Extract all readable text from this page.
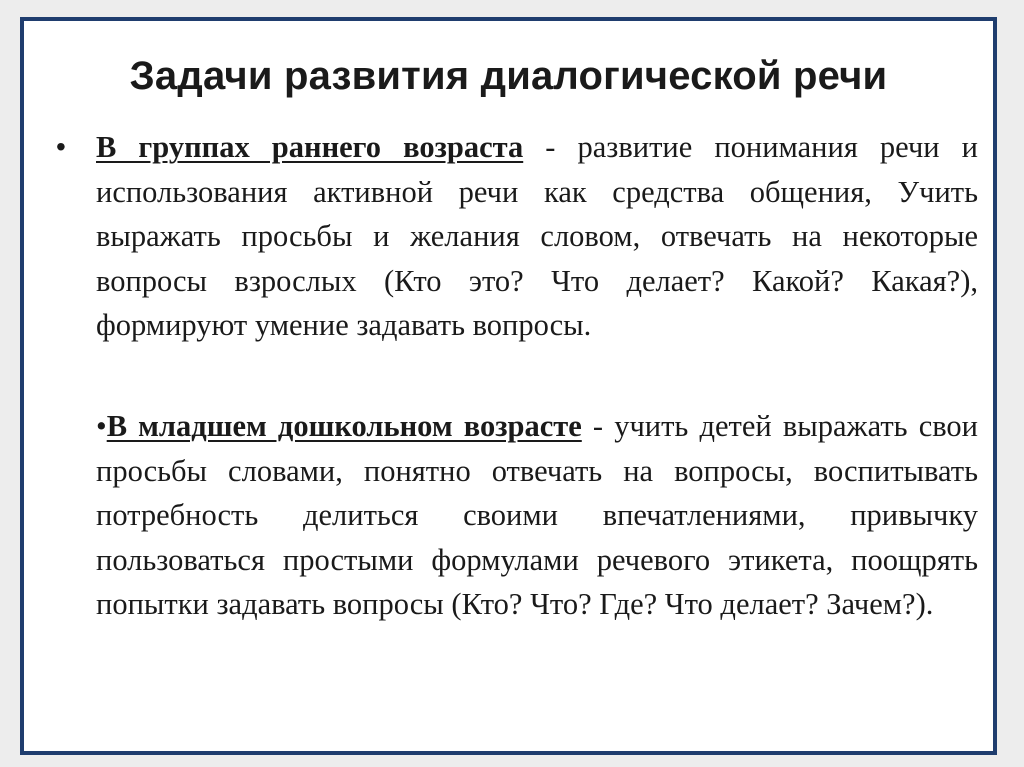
Задачи развития диалогической речи
• В группах раннего возраста - развитие понимания речи и использования активной речи как средства общения, Учить выражать просьбы и желания словом, отвечать на некоторые вопросы взрослых (Кто это? Что делает? Какой? Какая?), формируют умение задавать вопросы.
•В младшем дошкольном возрасте - учить детей выражать свои просьбы словами, понятно отвечать на вопросы, воспитывать потребность делиться своими впечатлениями, привычку пользоваться простыми формулами речевого этикета, поощрять попытки задавать вопросы (Кто? Что? Где? Что делает? Зачем?).
